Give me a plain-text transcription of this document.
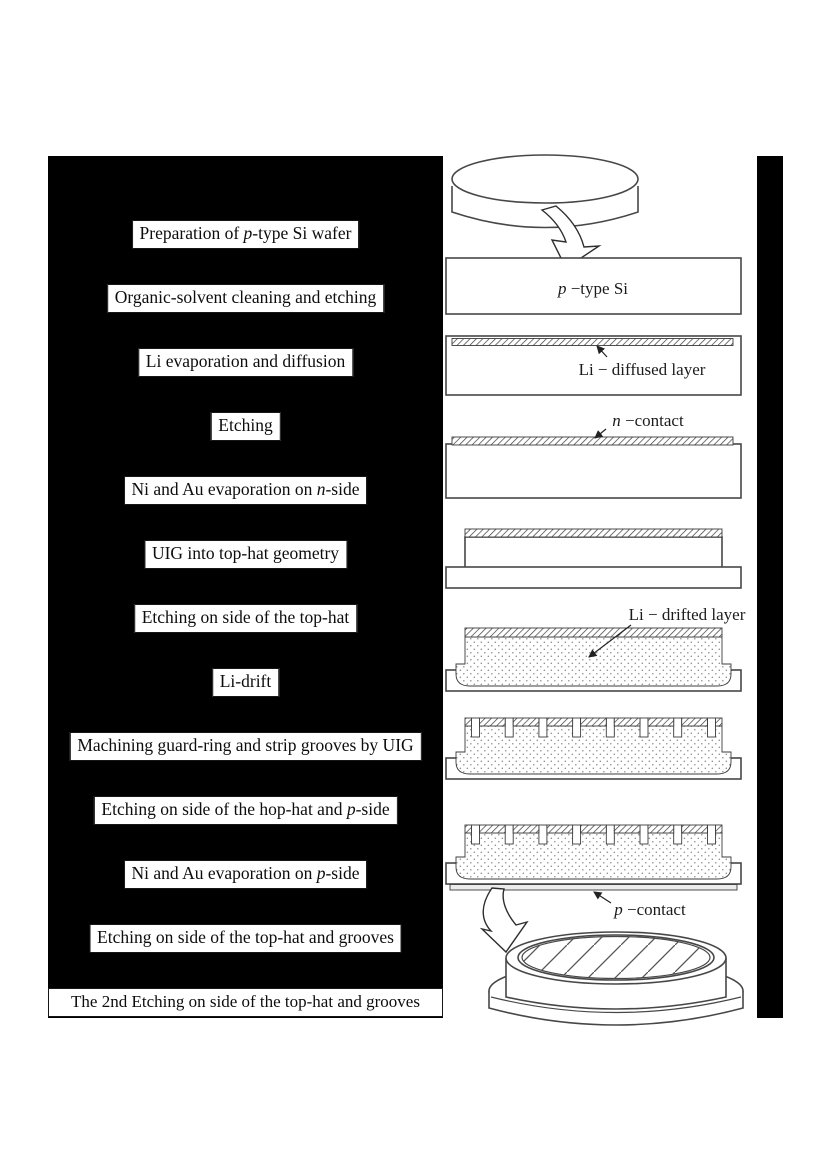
Preparation of p-type Si wafer
Organic-solvent cleaning and etching
Li evaporation and diffusion
Etching
Ni and Au evaporation on n-side
UIG into top-hat geometry
Etching on side of the top-hat
Li-drift
Machining guard-ring and strip grooves by UIG
Etching on side of the hop-hat and p-side
Ni and Au evaporation on p-side
Etching on side of the top-hat and grooves
The 2nd Etching on side of the top-hat and grooves
p −type Si
Li − diffused layer
n −contact
Li − drifted layer
p −contact
